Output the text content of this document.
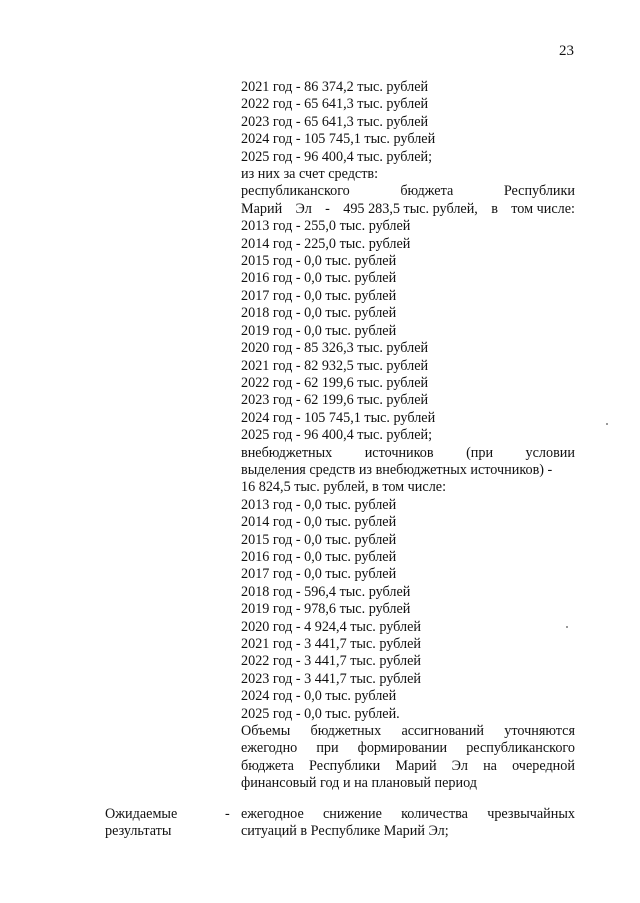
23
2021 год - 86 374,2 тыс. рублей
2022 год - 65 641,3 тыс. рублей
2023 год - 65 641,3 тыс. рублей
2024 год - 105 745,1 тыс. рублей
2025 год - 96 400,4 тыс. рублей;
из них за счет средств:
республиканского	бюджета	Республики
Марий Эл - 495 283,5 тыс. рублей, в том числе:
2013 год - 255,0 тыс. рублей
2014 год - 225,0 тыс. рублей
2015 год - 0,0 тыс. рублей
2016 год - 0,0 тыс. рублей
2017 год - 0,0 тыс. рублей
2018 год - 0,0 тыс. рублей
2019 год - 0,0 тыс. рублей
2020 год - 85 326,3 тыс. рублей
2021 год - 82 932,5 тыс. рублей
2022 год - 62 199,6 тыс. рублей
2023 год - 62 199,6 тыс. рублей
2024 год - 105 745,1 тыс. рублей
2025 год - 96 400,4 тыс. рублей;
внебюджетных источников (при условии
выделения средств из внебюджетных источников) -
16 824,5 тыс. рублей, в том числе:
2013 год - 0,0 тыс. рублей
2014 год - 0,0 тыс. рублей
2015 год - 0,0 тыс. рублей
2016 год - 0,0 тыс. рублей
2017 год - 0,0 тыс. рублей
2018 год - 596,4 тыс. рублей
2019 год - 978,6 тыс. рублей
2020 год - 4 924,4 тыс. рублей
2021 год - 3 441,7 тыс. рублей
2022 год - 3 441,7 тыс. рублей
2023 год - 3 441,7 тыс. рублей
2024 год - 0,0 тыс. рублей
2025 год - 0,0 тыс. рублей.
Объемы бюджетных ассигнований уточняются
ежегодно при формировании республиканского
бюджета Республики Марий Эл на очередной
финансовый год и на плановый период
Ожидаемые
результаты
- ежегодное снижение количества чрезвычайных
ситуаций в Республике Марий Эл;
